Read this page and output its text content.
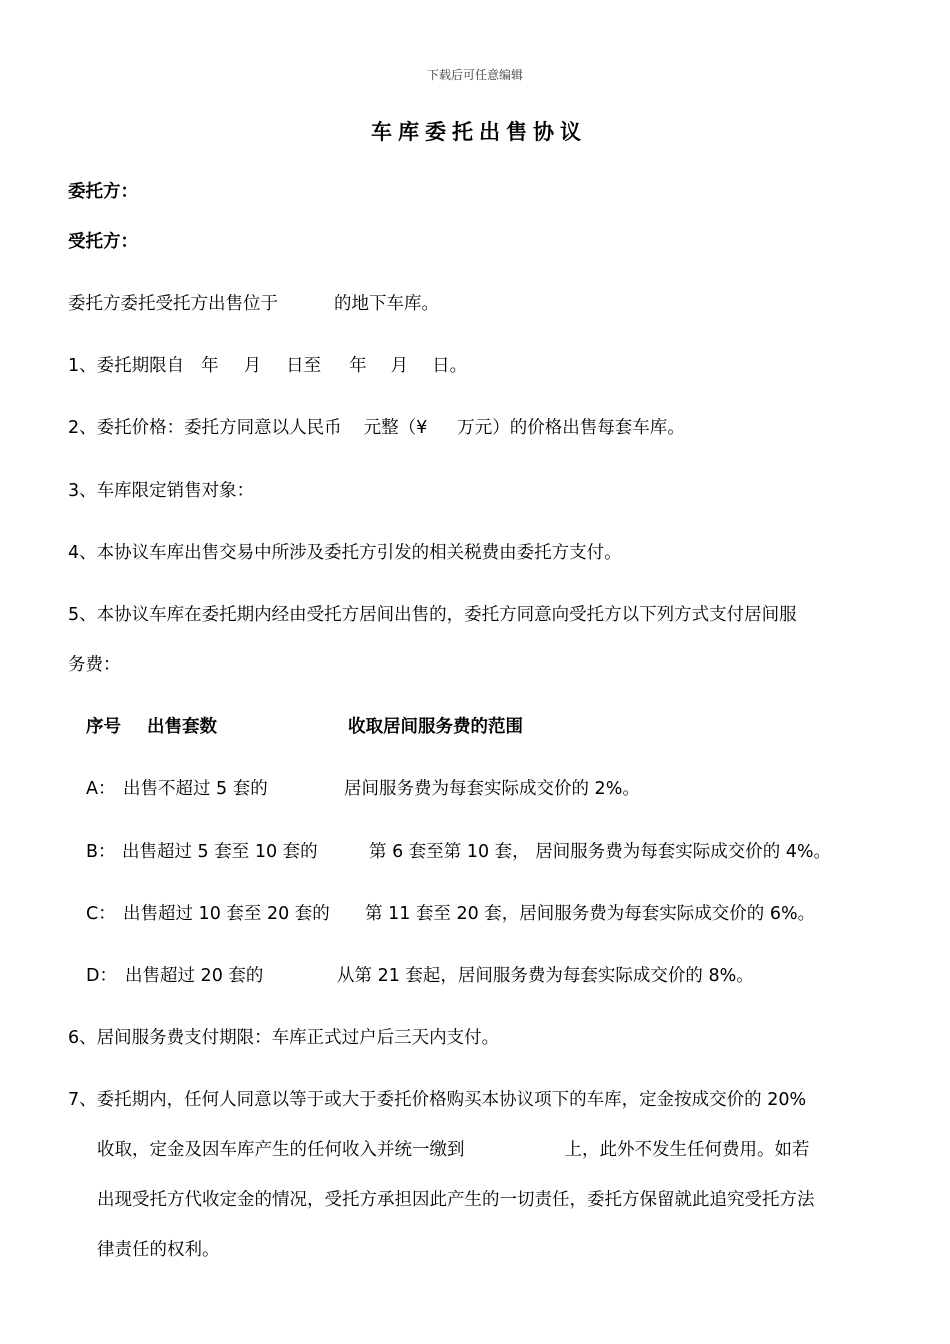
下载后可任意编辑
车库委托出售协议
委托方：
受托方：
委托方委托受托方出售位于	的地下车库。
1、委托期限自 年 月 日至 年 月 日。
2、委托价格：委托方同意以人民币 元整（¥ 万元）的价格出售每套车库。
3、车库限定销售对象：
4、本协议车库出售交易中所涉及委托方引发的相关税费由委托方支付。
5、本协议车库在委托期内经由受托方居间出售的，委托方同意向受托方以下列方式支付居间服
务费：
序号 出售套数	收取居间服务费的范围
A： 出售不超过 5 套的	居间服务费为每套实际成交价的 2%。
B： 出售超过 5 套至 10 套的	第 6 套至第 10 套， 居间服务费为每套实际成交价的 4%。
C： 出售超过 10 套至 20 套的 第 11 套至 20 套，居间服务费为每套实际成交价的 6%。
D： 出售超过 20 套的	从第 21 套起，居间服务费为每套实际成交价的 8%。
6、居间服务费支付期限：车库正式过户后三天内支付。
7、委托期内，任何人同意以等于或大于委托价格购买本协议项下的车库，定金按成交价的 20%
收取，定金及因车库产生的任何收入并统一缴到	上，此外不发生任何费用。如若
出现受托方代收定金的情况，受托方承担因此产生的一切责任，委托方保留就此追究受托方法
律责任的权利。
